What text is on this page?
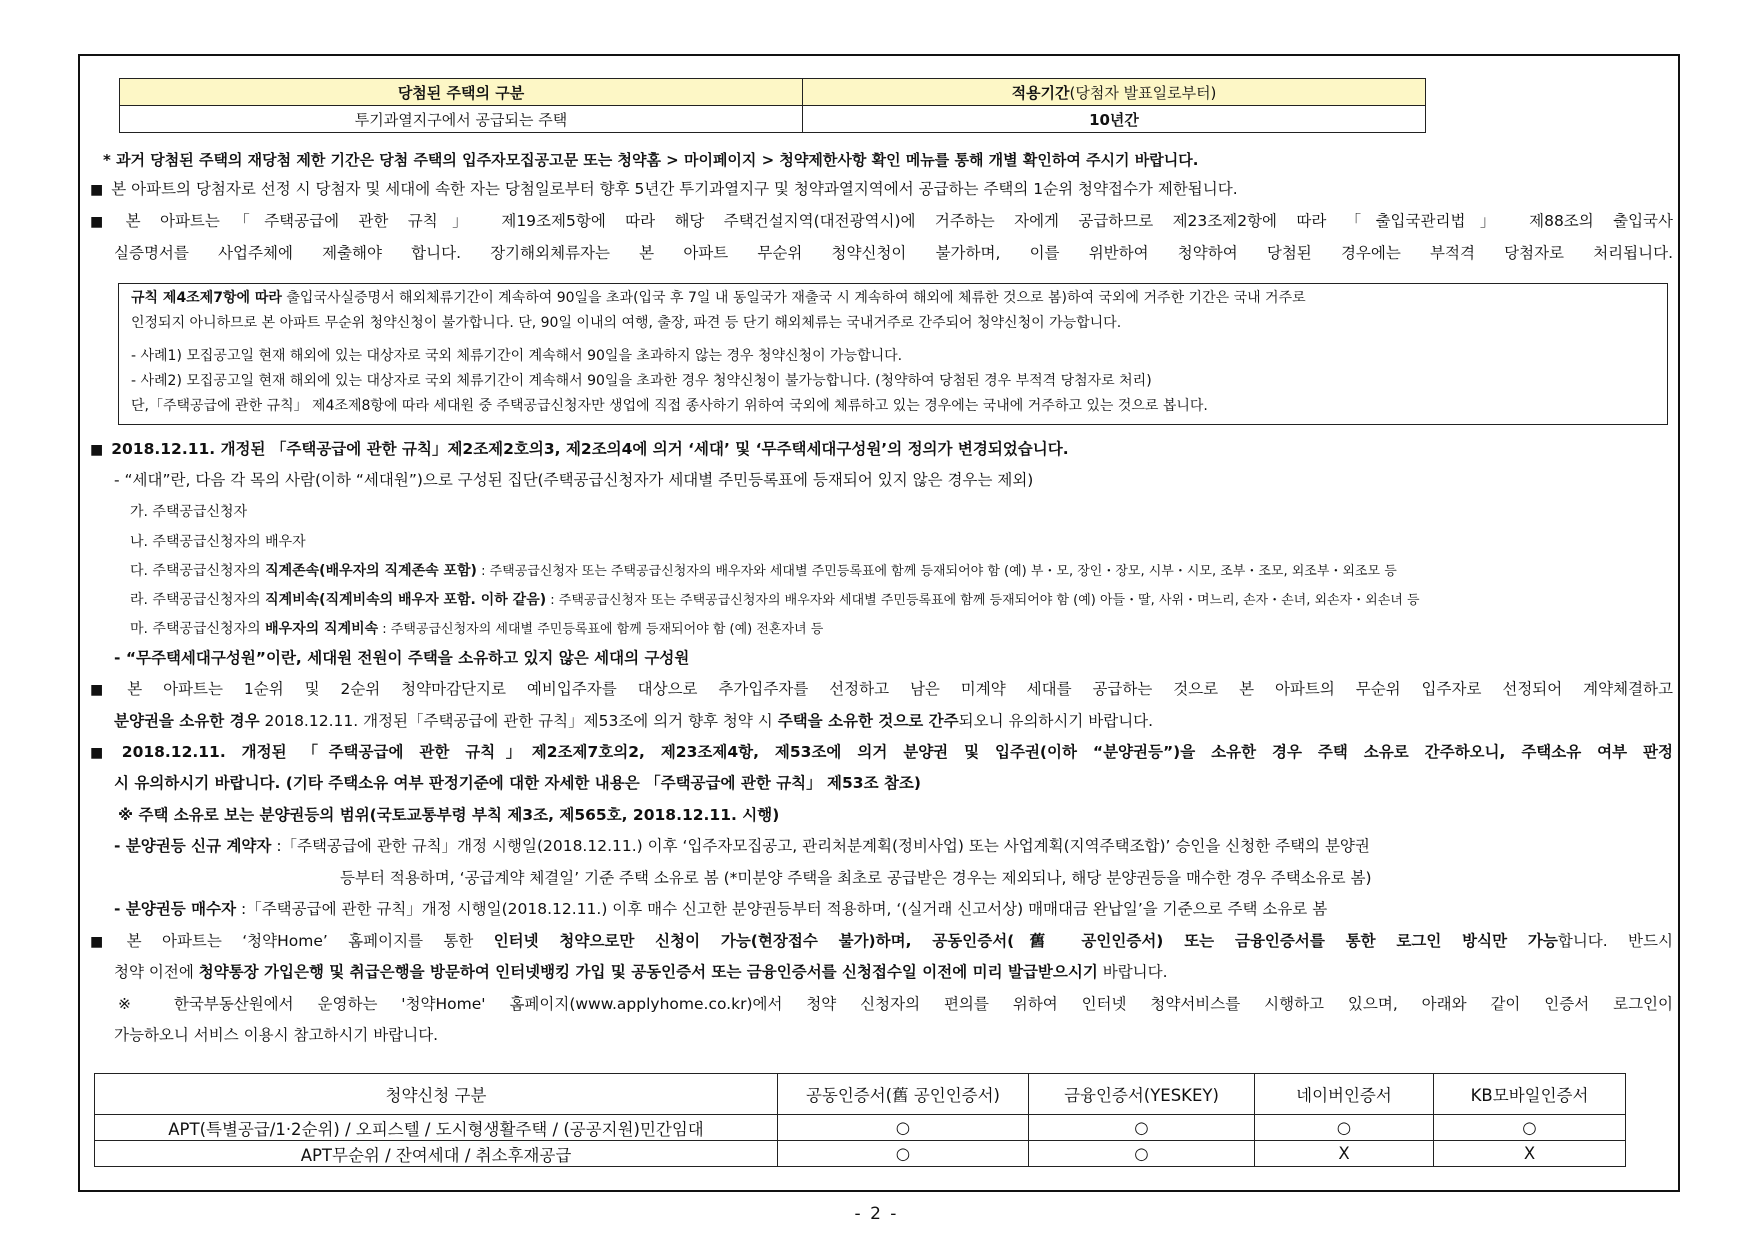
당첨된 주택의 구분	적용기간(당첨자 발표일로부터)
투기과열지구에서 공급되는 주택	10년간
* 과거 당첨된 주택의 재당첨 제한 기간은 당첨 주택의 입주자모집공고문 또는 청약홈 > 마이페이지 > 청약제한사항 확인 메뉴를 통해 개별 확인하여 주시기 바랍니다.
■ 본 아파트의 당첨자로 선정 시 당첨자 및 세대에 속한 자는 당첨일로부터 향후 5년간 투기과열지구 및 청약과열지역에서 공급하는 주택의 1순위 청약접수가 제한됩니다.
■ 본 아파트는「주택공급에 관한 규칙」 제19조제5항에 따라 해당 주택건설지역(대전광역시)에 거주하는 자에게 공급하므로 제23조제2항에 따라 「출입국관리법」 제88조의 출입국사
실증명서를 사업주체에 제출해야 합니다. 장기해외체류자는 본 아파트 무순위 청약신청이 불가하며, 이를 위반하여 청약하여 당첨된 경우에는 부적격 당첨자로 처리됩니다.
규칙 제4조제7항에 따라 출입국사실증명서 해외체류기간이 계속하여 90일을 초과(입국 후 7일 내 동일국가 재출국 시 계속하여 해외에 체류한 것으로 봄)하여 국외에 거주한 기간은 국내 거주로
인정되지 아니하므로 본 아파트 무순위 청약신청이 불가합니다. 단, 90일 이내의 여행, 출장, 파견 등 단기 해외체류는 국내거주로 간주되어 청약신청이 가능합니다.
- 사례1) 모집공고일 현재 해외에 있는 대상자로 국외 체류기간이 계속해서 90일을 초과하지 않는 경우 청약신청이 가능합니다.
- 사례2) 모집공고일 현재 해외에 있는 대상자로 국외 체류기간이 계속해서 90일을 초과한 경우 청약신청이 불가능합니다. (청약하여 당첨된 경우 부적격 당첨자로 처리)
단,「주택공급에 관한 규칙」 제4조제8항에 따라 세대원 중 주택공급신청자만 생업에 직접 종사하기 위하여 국외에 체류하고 있는 경우에는 국내에 거주하고 있는 것으로 봅니다.
■ 2018.12.11. 개정된 「주택공급에 관한 규칙」제2조제2호의3, 제2조의4에 의거 ‘세대’ 및 ‘무주택세대구성원’의 정의가 변경되었습니다.
- “세대”란, 다음 각 목의 사람(이하 “세대원”)으로 구성된 집단(주택공급신청자가 세대별 주민등록표에 등재되어 있지 않은 경우는 제외)
가. 주택공급신청자
나. 주택공급신청자의 배우자
다. 주택공급신청자의 직계존속(배우자의 직계존속 포함) : 주택공급신청자 또는 주택공급신청자의 배우자와 세대별 주민등록표에 함께 등재되어야 함 (예) 부・모, 장인・장모, 시부・시모, 조부・조모, 외조부・외조모 등
라. 주택공급신청자의 직계비속(직계비속의 배우자 포함. 이하 같음) : 주택공급신청자 또는 주택공급신청자의 배우자와 세대별 주민등록표에 함께 등재되어야 함 (예) 아들・딸, 사위・며느리, 손자・손녀, 외손자・외손녀 등
마. 주택공급신청자의 배우자의 직계비속 : 주택공급신청자의 세대별 주민등록표에 함께 등재되어야 함 (예) 전혼자녀 등
- “무주택세대구성원”이란, 세대원 전원이 주택을 소유하고 있지 않은 세대의 구성원
■ 본 아파트는 1순위 및 2순위 청약마감단지로 예비입주자를 대상으로 추가입주자를 선정하고 남은 미계약 세대를 공급하는 것으로 본 아파트의 무순위 입주자로 선정되어 계약체결하고
분양권을 소유한 경우 2018.12.11. 개정된「주택공급에 관한 규칙」제53조에 의거 향후 청약 시 주택을 소유한 것으로 간주되오니 유의하시기 바랍니다.
■ 2018.12.11. 개정된 「주택공급에 관한 규칙」제2조제7호의2, 제23조제4항, 제53조에 의거 분양권 및 입주권(이하 “분양권등”)을 소유한 경우 주택 소유로 간주하오니, 주택소유 여부 판정
시 유의하시기 바랍니다. (기타 주택소유 여부 판정기준에 대한 자세한 내용은 「주택공급에 관한 규칙」 제53조 참조)
※ 주택 소유로 보는 분양권등의 범위(국토교통부령 부칙 제3조, 제565호, 2018.12.11. 시행)
- 분양권등 신규 계약자 :「주택공급에 관한 규칙」개정 시행일(2018.12.11.) 이후 ‘입주자모집공고, 관리처분계획(정비사업) 또는 사업계획(지역주택조합)’ 승인을 신청한 주택의 분양권
등부터 적용하며, ‘공급계약 체결일’ 기준 주택 소유로 봄 (*미분양 주택을 최초로 공급받은 경우는 제외되나, 해당 분양권등을 매수한 경우 주택소유로 봄)
- 분양권등 매수자 :「주택공급에 관한 규칙」개정 시행일(2018.12.11.) 이후 매수 신고한 분양권등부터 적용하며, ‘(실거래 신고서상) 매매대금 완납일’을 기준으로 주택 소유로 봄
■ 본 아파트는 ‘청약Home’ 홈페이지를 통한 인터넷 청약으로만 신청이 가능(현장접수 불가)하며, 공동인증서(舊 공인인증서) 또는 금융인증서를 통한 로그인 방식만 가능합니다. 반드시
청약 이전에 청약통장 가입은행 및 취급은행을 방문하여 인터넷뱅킹 가입 및 공동인증서 또는 금융인증서를 신청접수일 이전에 미리 발급받으시기 바랍니다.
※ 한국부동산원에서 운영하는 '청약Home' 홈페이지(www.applyhome.co.kr)에서 청약 신청자의 편의를 위하여 인터넷 청약서비스를 시행하고 있으며, 아래와 같이 인증서 로그인이
가능하오니 서비스 이용시 참고하시기 바랍니다.
청약신청 구분	공동인증서(舊 공인인증서)	금융인증서(YESKEY)	네이버인증서	KB모바일인증서
APT(특별공급/1·2순위) / 오피스텔 / 도시형생활주택 / (공공지원)민간임대	○	○	○	○
APT무순위 / 잔여세대 / 취소후재공급	○	○	X	X
- 2 -
